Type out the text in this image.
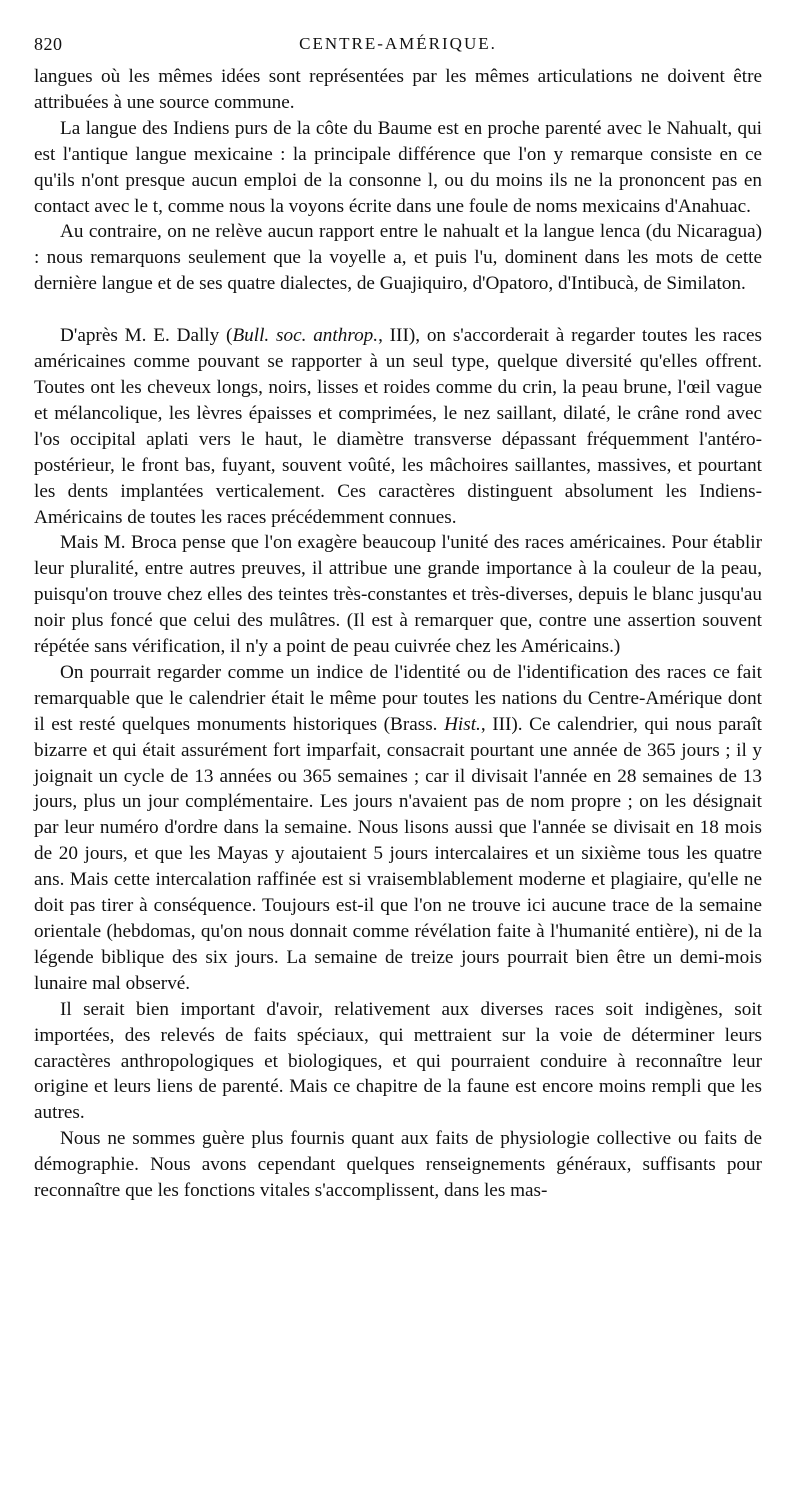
820	CENTRE-AMÉRIQUE.

langues où les mêmes idées sont représentées par les mêmes articulations ne doivent être attribuées à une source commune.

La langue des Indiens purs de la côte du Baume est en proche parenté avec le Nahualt, qui est l'antique langue mexicaine : la principale différence que l'on y remarque consiste en ce qu'ils n'ont presque aucun emploi de la consonne l, ou du moins ils ne la prononcent pas en contact avec le t, comme nous la voyons écrite dans une foule de noms mexicains d'Anahuac.

Au contraire, on ne relève aucun rapport entre le nahualt et la langue lenca (du Nicaragua) : nous remarquons seulement que la voyelle a, et puis l'u, dominent dans les mots de cette dernière langue et de ses quatre dialectes, de Guajiquiro, d'Opatoro, d'Intibucà, de Similaton.

D'après M. E. Dally (Bull. soc. anthrop., III), on s'accorderait à regarder toutes les races américaines comme pouvant se rapporter à un seul type, quelque diversité qu'elles offrent. Toutes ont les cheveux longs, noirs, lisses et roides comme du crin, la peau brune, l'œil vague et mélancolique, les lèvres épaisses et comprimées, le nez saillant, dilaté, le crâne rond avec l'os occipital aplati vers le haut, le diamètre transverse dépassant fréquemment l'antéro-postérieur, le front bas, fuyant, souvent voûté, les mâchoires saillantes, massives, et pourtant les dents implantées verticalement. Ces caractères distinguent absolument les Indiens-Américains de toutes les races précédemment connues.

Mais M. Broca pense que l'on exagère beaucoup l'unité des races américaines. Pour établir leur pluralité, entre autres preuves, il attribue une grande importance à la couleur de la peau, puisqu'on trouve chez elles des teintes très-constantes et très-diverses, depuis le blanc jusqu'au noir plus foncé que celui des mulâtres. (Il est à remarquer que, contre une assertion souvent répétée sans vérification, il n'y a point de peau cuivrée chez les Américains.)

On pourrait regarder comme un indice de l'identité ou de l'identification des races ce fait remarquable que le calendrier était le même pour toutes les nations du Centre-Amérique dont il est resté quelques monuments historiques (Brass. Hist., III). Ce calendrier, qui nous paraît bizarre et qui était assurément fort imparfait, consacrait pourtant une année de 365 jours ; il y joignait un cycle de 13 années ou 365 semaines ; car il divisait l'année en 28 semaines de 13 jours, plus un jour complémentaire. Les jours n'avaient pas de nom propre ; on les désignait par leur numéro d'ordre dans la semaine. Nous lisons aussi que l'année se divisait en 18 mois de 20 jours, et que les Mayas y ajoutaient 5 jours intercalaires et un sixième tous les quatre ans. Mais cette intercalation raffinée est si vraisemblablement moderne et plagiaire, qu'elle ne doit pas tirer à conséquence. Toujours est-il que l'on ne trouve ici aucune trace de la semaine orientale (hebdomas, qu'on nous donnait comme révélation faite à l'humanité entière), ni de la légende biblique des six jours. La semaine de treize jours pourrait bien être un demi-mois lunaire mal observé.

Il serait bien important d'avoir, relativement aux diverses races soit indigènes, soit importées, des relevés de faits spéciaux, qui mettraient sur la voie de déterminer leurs caractères anthropologiques et biologiques, et qui pourraient conduire à reconnaître leur origine et leurs liens de parenté. Mais ce chapitre de la faune est encore moins rempli que les autres.

Nous ne sommes guère plus fournis quant aux faits de physiologie collective ou faits de démographie. Nous avons cependant quelques renseignements généraux, suffisants pour reconnaître que les fonctions vitales s'accomplissent, dans les mas-
